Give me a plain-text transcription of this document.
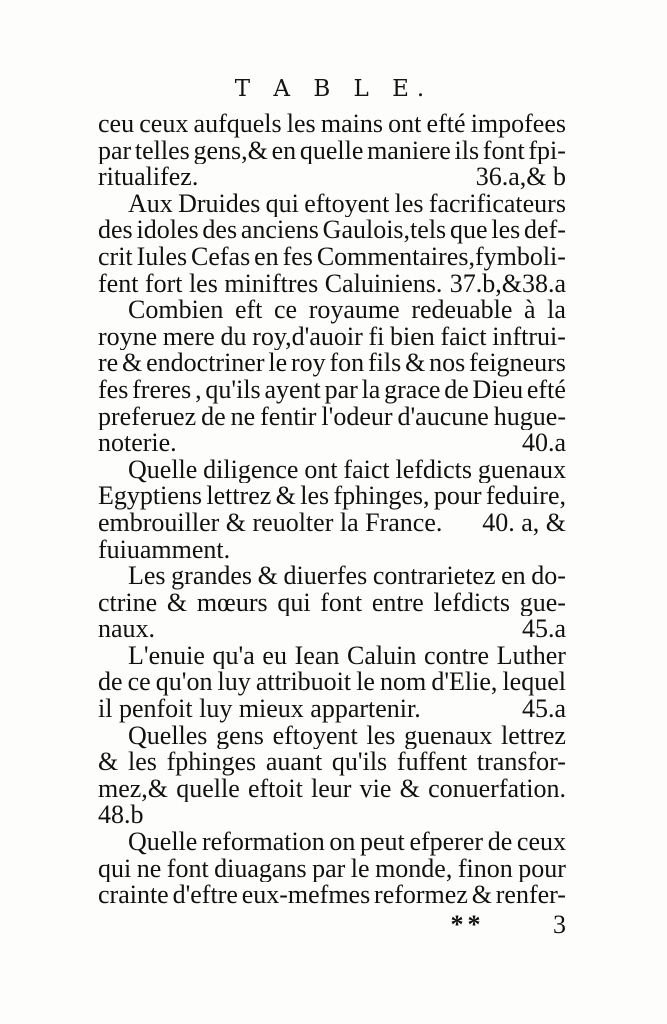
T A B L E.
ceu ceux aufquels les mains ont efté impofees
par telles gens,& en quelle maniere ils font fpi-
ritualifez.	36.a,& b
Aux Druides qui eftoyent les facrificateurs
des idoles des anciens Gaulois,tels que les def-
crit Iules Cefas en fes Commentaires,fymboli-
fent fort les miniftres Caluiniens. 37.b,&38.a
Combien eft ce royaume redeuable à la
royne mere du roy,d'auoir fi bien faict inftrui-
re & endoctriner le roy fon fils & nos feigneurs
fes freres , qu'ils ayent par la grace de Dieu efté
preferuez de ne fentir l'odeur d'aucune hugue-
noterie.	40.a
Quelle diligence ont faict lefdicts guenaux
Egyptiens lettrez & les fphinges, pour feduire,
embrouiller & reuolter la France. 40. a, &
fuiuamment.
Les grandes & diuerfes contrarietez en do-
ctrine & mœurs qui font entre lefdicts gue-
naux.	45.a
L'enuie qu'a eu Iean Caluin contre Luther
de ce qu'on luy attribuoit le nom d'Elie, lequel
il penfoit luy mieux appartenir.	45.a
Quelles gens eftoyent les guenaux lettrez
& les fphinges auant qu'ils fuffent transfor-
mez,& quelle eftoit leur vie & conuerfation.
48.b
Quelle reformation on peut efperer de ceux
qui ne font diuagans par le monde, finon pour
crainte d'eftre eux-mefmes reformez & renfer-
**	3
